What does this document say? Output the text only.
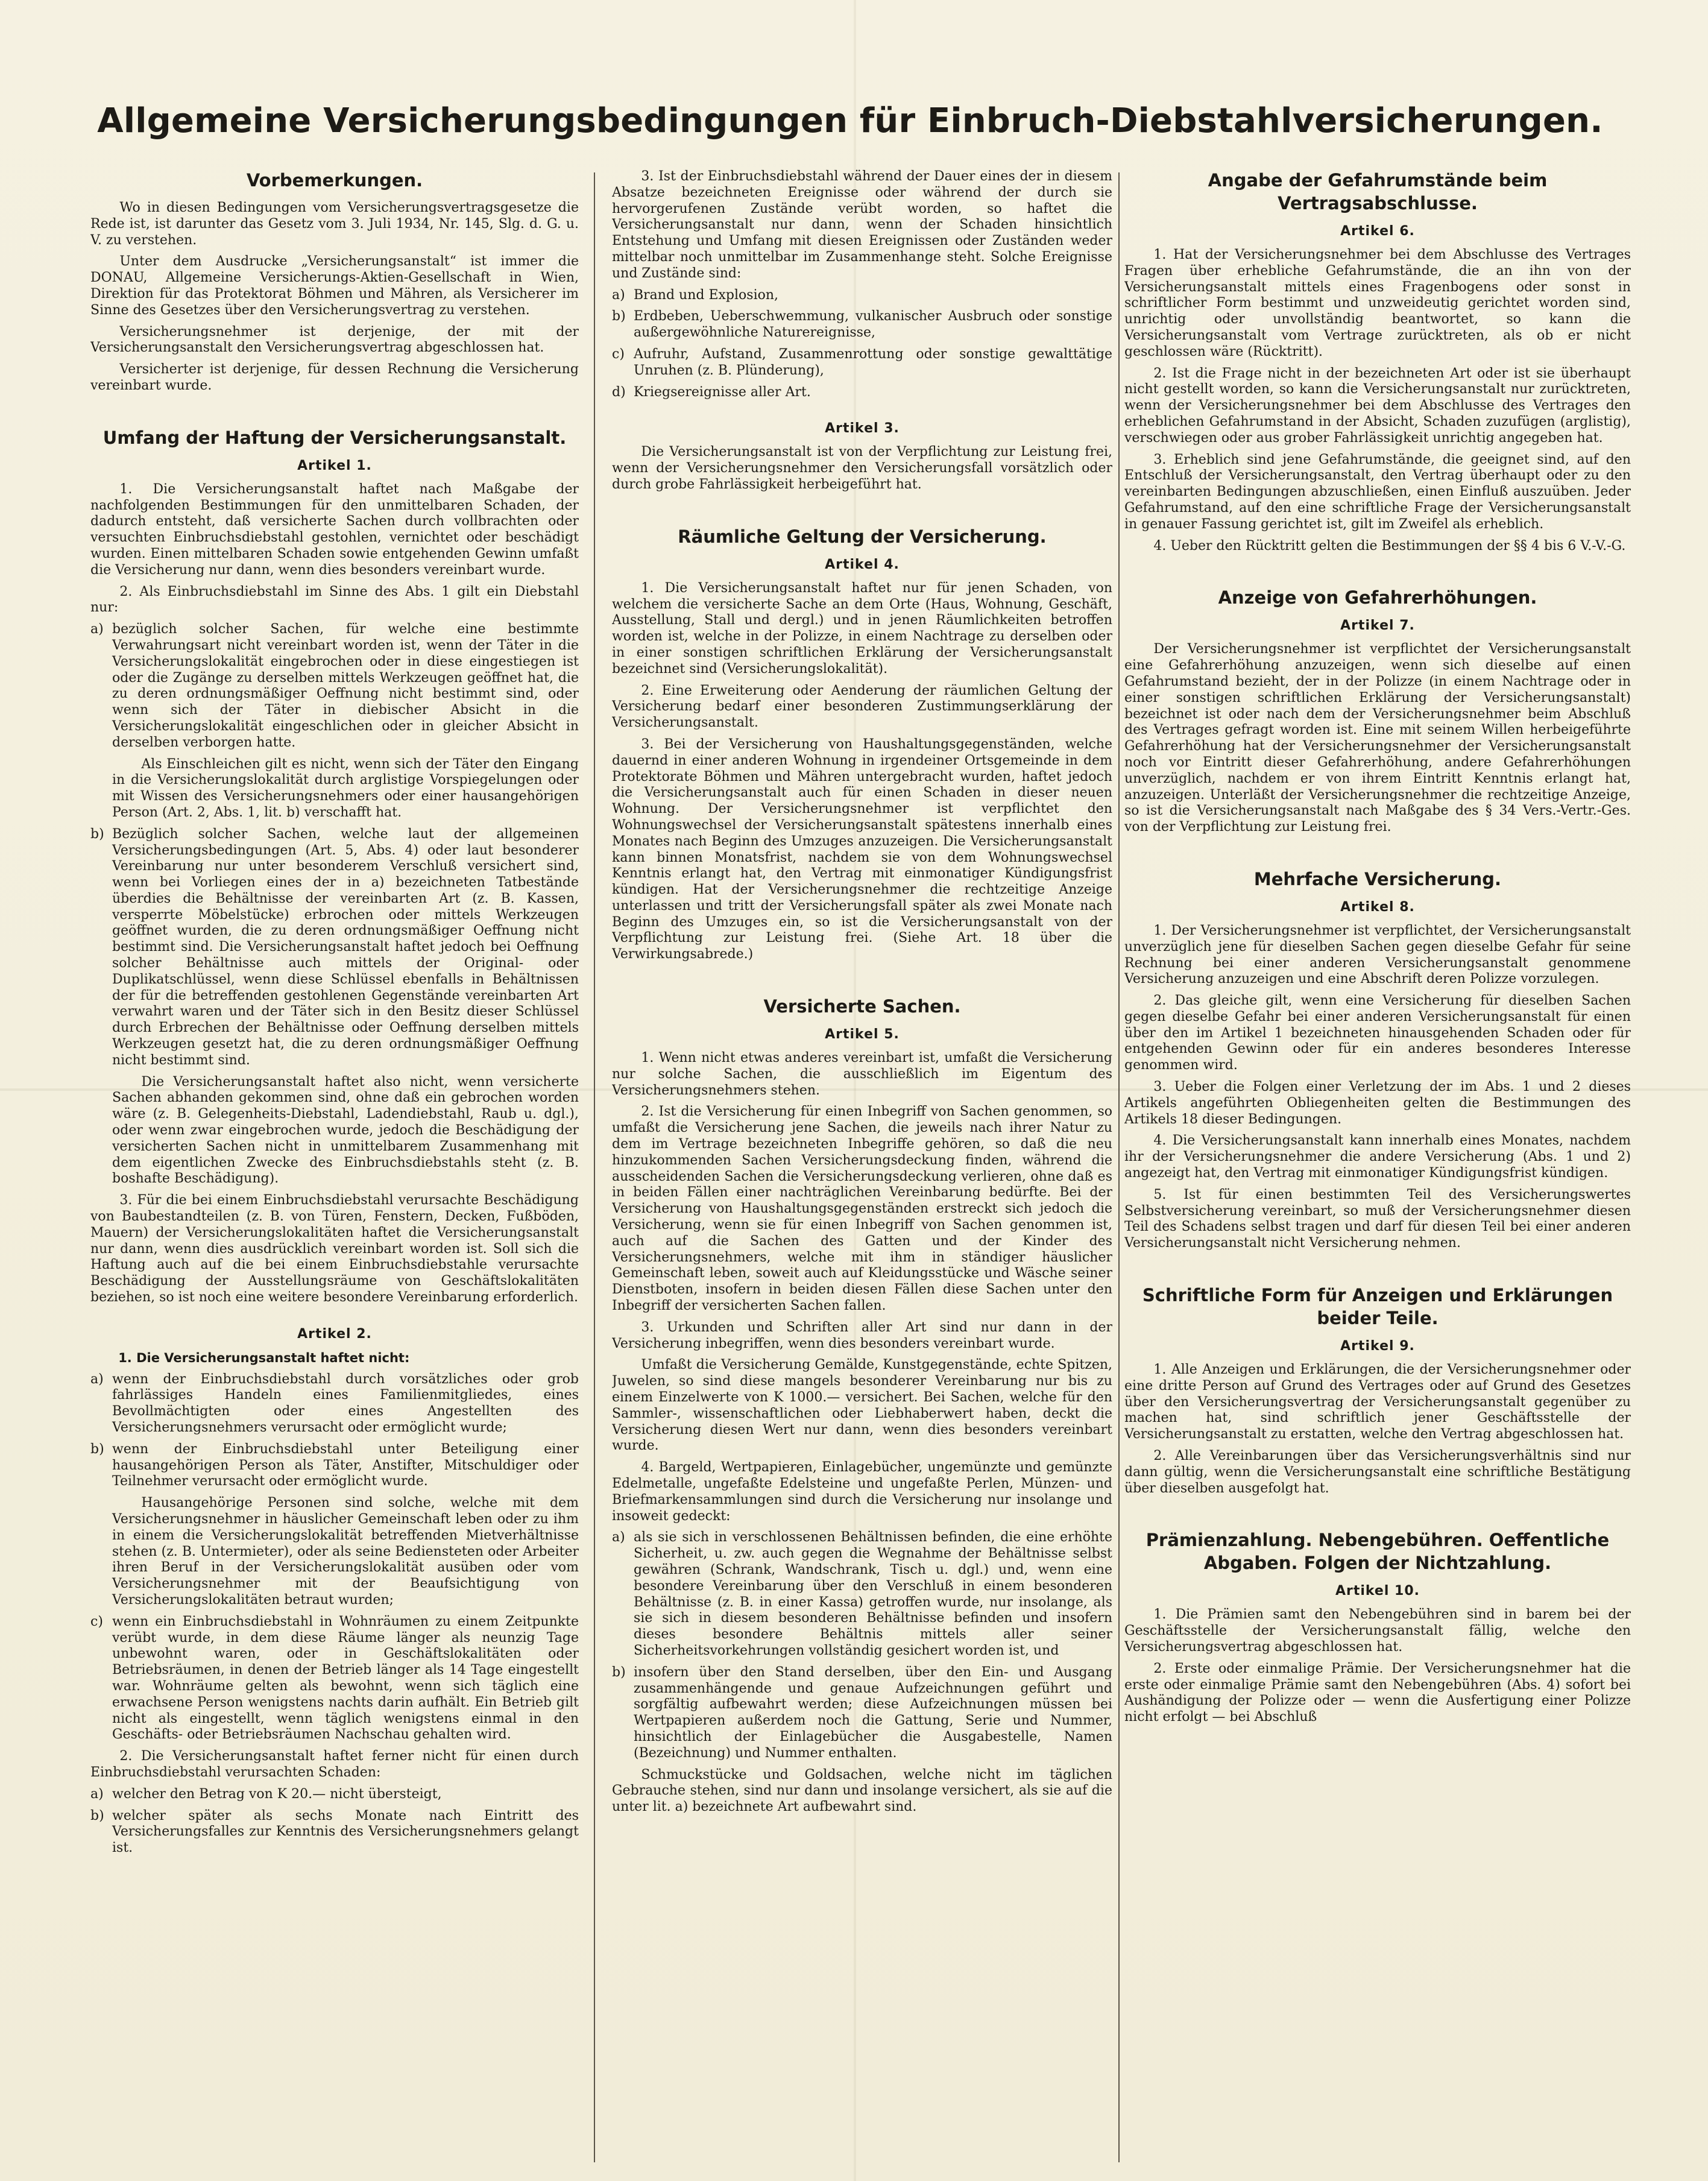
Allgemeine Versicherungsbedingungen für Einbruch-Diebstahlversicherungen.
Vorbemerkungen.

Wo in diesen Bedingungen vom Versicherungsvertragsgesetze die Rede ist, ist darunter das Gesetz vom 3. Juli 1934, Nr. 145, Slg. d. G. u. V. zu verstehen.

Unter dem Ausdrucke „Versicherungsanstalt“ ist immer die DONAU, Allgemeine Versicherungs-Aktien-Gesellschaft in Wien, Direktion für das Protektorat Böhmen und Mähren, als Versicherer im Sinne des Gesetzes über den Versicherungsvertrag zu verstehen.

Versicherungsnehmer ist derjenige, der mit der Versicherungsanstalt den Versicherungsvertrag abgeschlossen hat.

Versicherter ist derjenige, für dessen Rechnung die Versicherung vereinbart wurde.

Umfang der Haftung der Versicherungsanstalt.
Artikel 1.

1. Die Versicherungsanstalt haftet nach Maßgabe der nachfolgenden Bestimmungen für den unmittelbaren Schaden, der dadurch entsteht, daß versicherte Sachen durch vollbrachten oder versuchten Einbruchsdiebstahl gestohlen, vernichtet oder beschädigt wurden. Einen mittelbaren Schaden sowie entgehenden Gewinn umfaßt die Versicherung nur dann, wenn dies besonders vereinbart wurde.

2. Als Einbruchsdiebstahl im Sinne des Abs. 1 gilt ein Diebstahl nur:

a) bezüglich solcher Sachen, für welche eine bestimmte Verwahrungsart nicht vereinbart worden ist, wenn der Täter in die Versicherungslokalität eingebrochen oder in diese eingestiegen ist oder die Zugänge zu derselben mittels Werkzeugen geöffnet hat, die zu deren ordnungsmäßiger Oeffnung nicht bestimmt sind, oder wenn sich der Täter in diebischer Absicht in die Versicherungslokalität eingeschlichen oder in gleicher Absicht in derselben verborgen hatte.

Als Einschleichen gilt es nicht, wenn sich der Täter den Eingang in die Versicherungslokalität durch arglistige Vorspiegelungen oder mit Wissen des Versicherungsnehmers oder einer hausangehörigen Person (Art. 2, Abs. 1, lit. b) verschafft hat.

b) Bezüglich solcher Sachen, welche laut der allgemeinen Versicherungsbedingungen (Art. 5, Abs. 4) oder laut besonderer Vereinbarung nur unter besonderem Verschluß versichert sind, wenn bei Vorliegen eines der in a) bezeichneten Tatbestände überdies die Behältnisse der vereinbarten Art (z. B. Kassen, versperrte Möbelstücke) erbrochen oder mittels Werkzeugen geöffnet wurden, die zu deren ordnungsmäßiger Oeffnung nicht bestimmt sind. Die Versicherungsanstalt haftet jedoch bei Oeffnung solcher Behältnisse auch mittels der Original- oder Duplikatschlüssel, wenn diese Schlüssel ebenfalls in Behältnissen der für die betreffenden gestohlenen Gegenstände vereinbarten Art verwahrt waren und der Täter sich in den Besitz dieser Schlüssel durch Erbrechen der Behältnisse oder Oeffnung derselben mittels Werkzeugen gesetzt hat, die zu deren ordnungsmäßiger Oeffnung nicht bestimmt sind.

Die Versicherungsanstalt haftet also nicht, wenn versicherte Sachen abhanden gekommen sind, ohne daß ein gebrochen worden wäre (z. B. Gelegenheits-Diebstahl, Ladendiebstahl, Raub u. dgl.), oder wenn zwar eingebrochen wurde, jedoch die Beschädigung der versicherten Sachen nicht in unmittelbarem Zusammenhang mit dem eigentlichen Zwecke des Einbruchsdiebstahls steht (z. B. boshafte Beschädigung).

3. Für die bei einem Einbruchsdiebstahl verursachte Beschädigung von Baubestandteilen (z. B. von Türen, Fenstern, Decken, Fußböden, Mauern) der Versicherungslokalitäten haftet die Versicherungsanstalt nur dann, wenn dies ausdrücklich vereinbart worden ist. Soll sich die Haftung auch auf die bei einem Einbruchsdiebstahle verursachte Beschädigung der Ausstellungsräume von Geschäftslokalitäten beziehen, so ist noch eine weitere besondere Vereinbarung erforderlich.

Artikel 2.

1. Die Versicherungsanstalt haftet nicht:

a) wenn der Einbruchsdiebstahl durch vorsätzliches oder grob fahrlässiges Handeln eines Familienmitgliedes, eines Bevollmächtigten oder eines Angestellten des Versicherungsnehmers verursacht oder ermöglicht wurde;
b) wenn der Einbruchsdiebstahl unter Beteiligung einer hausangehörigen Person als Täter, Anstifter, Mitschuldiger oder Teilnehmer verursacht oder ermöglicht wurde.

Hausangehörige Personen sind solche, welche mit dem Versicherungsnehmer in häuslicher Gemeinschaft leben oder zu ihm in einem die Versicherungslokalität betreffenden Mietverhältnisse stehen (z. B. Untermieter), oder als seine Bediensteten oder Arbeiter ihren Beruf in der Versicherungslokalität ausüben oder vom Versicherungsnehmer mit der Beaufsichtigung von Versicherungslokalitäten betraut wurden;

c) wenn ein Einbruchsdiebstahl in Wohnräumen zu einem Zeitpunkte verübt wurde, in dem diese Räume länger als neunzig Tage unbewohnt waren, oder in Geschäftslokalitäten oder Betriebsräumen, in denen der Betrieb länger als 14 Tage eingestellt war. Wohnräume gelten als bewohnt, wenn sich täglich eine erwachsene Person wenigstens nachts darin aufhält. Ein Betrieb gilt nicht als eingestellt, wenn täglich wenigstens einmal in den Geschäfts- oder Betriebsräumen Nachschau gehalten wird.

2. Die Versicherungsanstalt haftet ferner nicht für einen durch Einbruchsdiebstahl verursachten Schaden:

a) welcher den Betrag von K 20.— nicht übersteigt,
b) welcher später als sechs Monate nach Eintritt des Versicherungsfalles zur Kenntnis des Versicherungsnehmers gelangt ist.

3. Ist der Einbruchsdiebstahl während der Dauer eines der in diesem Absatze bezeichneten Ereignisse oder während der durch sie hervorgerufenen Zustände verübt worden, so haftet die Versicherungsanstalt nur dann, wenn der Schaden hinsichtlich Entstehung und Umfang mit diesen Ereignissen oder Zuständen weder mittelbar noch unmittelbar im Zusammenhange steht. Solche Ereignisse und Zustände sind:

a) Brand und Explosion,
b) Erdbeben, Ueberschwemmung, vulkanischer Ausbruch oder sonstige außergewöhnliche Naturereignisse,
c) Aufruhr, Aufstand, Zusammenrottung oder sonstige gewalttätige Unruhen (z. B. Plünderung),
d) Kriegsereignisse aller Art.
Artikel 3.

Die Versicherungsanstalt ist von der Verpflichtung zur Leistung frei, wenn der Versicherungsnehmer den Versicherungsfall vorsätzlich oder durch grobe Fahrlässigkeit herbeigeführt hat.

Räumliche Geltung der Versicherung.
Artikel 4.

1. Die Versicherungsanstalt haftet nur für jenen Schaden, von welchem die versicherte Sache an dem Orte (Haus, Wohnung, Geschäft, Ausstellung, Stall und dergl.) und in jenen Räumlichkeiten betroffen worden ist, welche in der Polizze, in einem Nachtrage zu derselben oder in einer sonstigen schriftlichen Erklärung der Versicherungsanstalt bezeichnet sind (Versicherungslokalität).

2. Eine Erweiterung oder Aenderung der räumlichen Geltung der Versicherung bedarf einer besonderen Zustimmungserklärung der Versicherungsanstalt.

3. Bei der Versicherung von Haushaltungsgegenständen, welche dauernd in einer anderen Wohnung in irgendeiner Ortsgemeinde in dem Protektorate Böhmen und Mähren untergebracht wurden, haftet jedoch die Versicherungsanstalt auch für einen Schaden in dieser neuen Wohnung. Der Versicherungsnehmer ist verpflichtet den Wohnungswechsel der Versicherungsanstalt spätestens innerhalb eines Monates nach Beginn des Umzuges anzuzeigen. Die Versicherungsanstalt kann binnen Monatsfrist, nachdem sie von dem Wohnungswechsel Kenntnis erlangt hat, den Vertrag mit einmonatiger Kündigungsfrist kündigen. Hat der Versicherungsnehmer die rechtzeitige Anzeige unterlassen und tritt der Versicherungsfall später als zwei Monate nach Beginn des Umzuges ein, so ist die Versicherungsanstalt von der Verpflichtung zur Leistung frei. (Siehe Art. 18 über die Verwirkungsabrede.)

Versicherte Sachen.
Artikel 5.

1. Wenn nicht etwas anderes vereinbart ist, umfaßt die Versicherung nur solche Sachen, die ausschließlich im Eigentum des Versicherungsnehmers stehen.

2. Ist die Versicherung für einen Inbegriff von Sachen genommen, so umfaßt die Versicherung jene Sachen, die jeweils nach ihrer Natur zu dem im Vertrage bezeichneten Inbegriffe gehören, so daß die neu hinzukommenden Sachen Versicherungsdeckung finden, während die ausscheidenden Sachen die Versicherungsdeckung verlieren, ohne daß es in beiden Fällen einer nachträglichen Vereinbarung bedürfte. Bei der Versicherung von Haushaltungsgegenständen erstreckt sich jedoch die Versicherung, wenn sie für einen Inbegriff von Sachen genommen ist, auch auf die Sachen des Gatten und der Kinder des Versicherungsnehmers, welche mit ihm in ständiger häuslicher Gemeinschaft leben, soweit auch auf Kleidungsstücke und Wäsche seiner Dienstboten, insofern in beiden diesen Fällen diese Sachen unter den Inbegriff der versicherten Sachen fallen.

3. Urkunden und Schriften aller Art sind nur dann in der Versicherung inbegriffen, wenn dies besonders vereinbart wurde.

Umfaßt die Versicherung Gemälde, Kunstgegenstände, echte Spitzen, Juwelen, so sind diese mangels besonderer Vereinbarung nur bis zu einem Einzelwerte von K 1000.— versichert. Bei Sachen, welche für den Sammler-, wissenschaftlichen oder Liebhaberwert haben, deckt die Versicherung diesen Wert nur dann, wenn dies besonders vereinbart wurde.

4. Bargeld, Wertpapieren, Einlagebücher, ungemünzte und gemünzte Edelmetalle, ungefaßte Edelsteine und ungefaßte Perlen, Münzen- und Briefmarkensammlungen sind durch die Versicherung nur insolange und insoweit gedeckt:

a) als sie sich in verschlossenen Behältnissen befinden, die eine erhöhte Sicherheit, u. zw. auch gegen die Wegnahme der Behältnisse selbst gewähren (Schrank, Wandschrank, Tisch u. dgl.) und, wenn eine besondere Vereinbarung über den Verschluß in einem besonderen Behältnisse (z. B. in einer Kassa) getroffen wurde, nur insolange, als sie sich in diesem besonderen Behältnisse befinden und insofern dieses besondere Behältnis mittels aller seiner Sicherheitsvorkehrungen vollständig gesichert worden ist, und
b) insofern über den Stand derselben, über den Ein- und Ausgang zusammenhängende und genaue Aufzeichnungen geführt und sorgfältig aufbewahrt werden; diese Aufzeichnungen müssen bei Wertpapieren außerdem noch die Gattung, Serie und Nummer, hinsichtlich der Einlagebücher die Ausgabestelle, Namen (Bezeichnung) und Nummer enthalten.

Schmuckstücke und Goldsachen, welche nicht im täglichen Gebrauche stehen, sind nur dann und insolange versichert, als sie auf die unter lit. a) bezeichnete Art aufbewahrt sind.

Angabe der Gefahrumstände beim Vertragsabschlusse.
Artikel 6.

1. Hat der Versicherungsnehmer bei dem Abschlusse des Vertrages Fragen über erhebliche Gefahrumstände, die an ihn von der Versicherungsanstalt mittels eines Fragenbogens oder sonst in schriftlicher Form bestimmt und unzweideutig gerichtet worden sind, unrichtig oder unvollständig beantwortet, so kann die Versicherungsanstalt vom Vertrage zurücktreten, als ob er nicht geschlossen wäre (Rücktritt).

2. Ist die Frage nicht in der bezeichneten Art oder ist sie überhaupt nicht gestellt worden, so kann die Versicherungsanstalt nur zurücktreten, wenn der Versicherungsnehmer bei dem Abschlusse des Vertrages den erheblichen Gefahrumstand in der Absicht, Schaden zuzufügen (arglistig), verschwiegen oder aus grober Fahrlässigkeit unrichtig angegeben hat.

3. Erheblich sind jene Gefahrumstände, die geeignet sind, auf den Entschluß der Versicherungsanstalt, den Vertrag überhaupt oder zu den vereinbarten Bedingungen abzuschließen, einen Einfluß auszuüben. Jeder Gefahrumstand, auf den eine schriftliche Frage der Versicherungsanstalt in genauer Fassung gerichtet ist, gilt im Zweifel als erheblich.

4. Ueber den Rücktritt gelten die Bestimmungen der §§ 4 bis 6 V.-V.-G.

Anzeige von Gefahrerhöhungen.
Artikel 7.

Der Versicherungsnehmer ist verpflichtet der Versicherungsanstalt eine Gefahrerhöhung anzuzeigen, wenn sich dieselbe auf einen Gefahrumstand bezieht, der in der Polizze (in einem Nachtrage oder in einer sonstigen schriftlichen Erklärung der Versicherungsanstalt) bezeichnet ist oder nach dem der Versicherungsnehmer beim Abschluß des Vertrages gefragt worden ist. Eine mit seinem Willen herbeigeführte Gefahrerhöhung hat der Versicherungsnehmer der Versicherungsanstalt noch vor Eintritt dieser Gefahrerhöhung, andere Gefahrerhöhungen unverzüglich, nachdem er von ihrem Eintritt Kenntnis erlangt hat, anzuzeigen. Unterläßt der Versicherungsnehmer die rechtzeitige Anzeige, so ist die Versicherungsanstalt nach Maßgabe des § 34 Vers.-Vertr.-Ges. von der Verpflichtung zur Leistung frei.

Mehrfache Versicherung.
Artikel 8.

1. Der Versicherungsnehmer ist verpflichtet, der Versicherungsanstalt unverzüglich jene für dieselben Sachen gegen dieselbe Gefahr für seine Rechnung bei einer anderen Versicherungsanstalt genommene Versicherung anzuzeigen und eine Abschrift deren Polizze vorzulegen.

2. Das gleiche gilt, wenn eine Versicherung für dieselben Sachen gegen dieselbe Gefahr bei einer anderen Versicherungsanstalt für einen über den im Artikel 1 bezeichneten hinausgehenden Schaden oder für entgehenden Gewinn oder für ein anderes besonderes Interesse genommen wird.

3. Ueber die Folgen einer Verletzung der im Abs. 1 und 2 dieses Artikels angeführten Obliegenheiten gelten die Bestimmungen des Artikels 18 dieser Bedingungen.

4. Die Versicherungsanstalt kann innerhalb eines Monates, nachdem ihr der Versicherungsnehmer die andere Versicherung (Abs. 1 und 2) angezeigt hat, den Vertrag mit einmonatiger Kündigungsfrist kündigen.

5. Ist für einen bestimmten Teil des Versicherungswertes Selbstversicherung vereinbart, so muß der Versicherungsnehmer diesen Teil des Schadens selbst tragen und darf für diesen Teil bei einer anderen Versicherungsanstalt nicht Versicherung nehmen.

Schriftliche Form für Anzeigen und Erklärungen beider Teile.
Artikel 9.

1. Alle Anzeigen und Erklärungen, die der Versicherungsnehmer oder eine dritte Person auf Grund des Vertrages oder auf Grund des Gesetzes über den Versicherungsvertrag der Versicherungsanstalt gegenüber zu machen hat, sind schriftlich jener Geschäftsstelle der Versicherungsanstalt zu erstatten, welche den Vertrag abgeschlossen hat.

2. Alle Vereinbarungen über das Versicherungsverhältnis sind nur dann gültig, wenn die Versicherungsanstalt eine schriftliche Bestätigung über dieselben ausgefolgt hat.

Prämienzahlung. Nebengebühren. Oeffentliche Abgaben. Folgen der Nichtzahlung.
Artikel 10.

1. Die Prämien samt den Nebengebühren sind in barem bei der Geschäftsstelle der Versicherungsanstalt fällig, welche den Versicherungsvertrag abgeschlossen hat.

2. Erste oder einmalige Prämie. Der Versicherungsnehmer hat die erste oder einmalige Prämie samt den Nebengebühren (Abs. 4) sofort bei Aushändigung der Polizze oder — wenn die Ausfertigung einer Polizze nicht erfolgt — bei Abschluß
